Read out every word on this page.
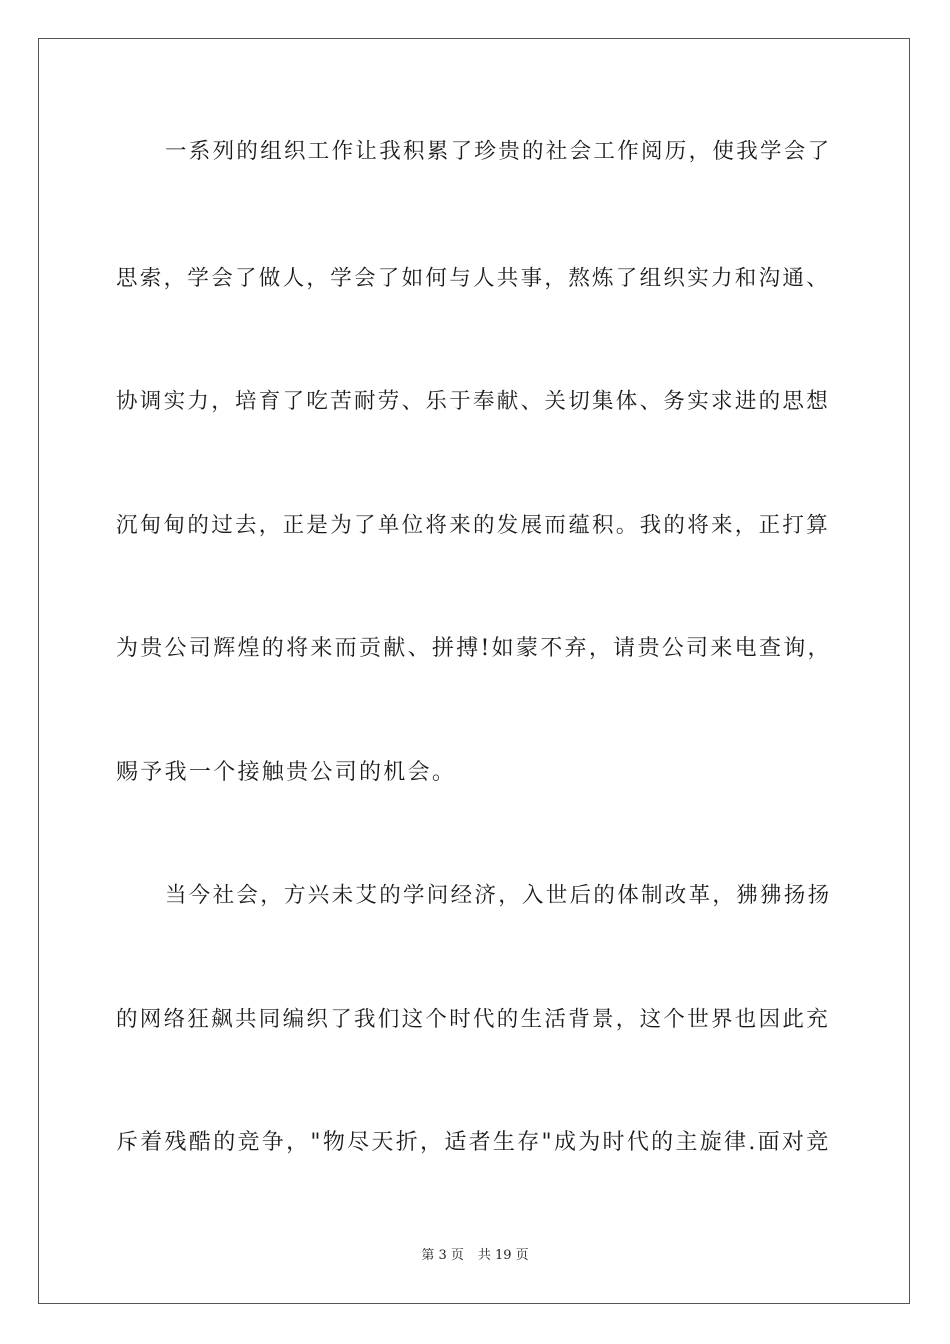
一系列的组织工作让我积累了珍贵的社会工作阅历，使我学会了
思索，学会了做人，学会了如何与人共事，熬炼了组织实力和沟通、
协调实力，培育了吃苦耐劳、乐于奉献、关切集体、务实求进的思想
沉甸甸的过去，正是为了单位将来的发展而蕴积。我的将来，正打算
为贵公司辉煌的将来而贡献、拼搏!如蒙不弃，请贵公司来电查询，
赐予我一个接触贵公司的机会。
当今社会，方兴未艾的学问经济，入世后的体制改革，狒狒扬扬
的网络狂飙共同编织了我们这个时代的生活背景，这个世界也因此充
斥着残酷的竞争，"物尽天折，适者生存"成为时代的主旋律.面对竞
第 3 页 共 19 页
